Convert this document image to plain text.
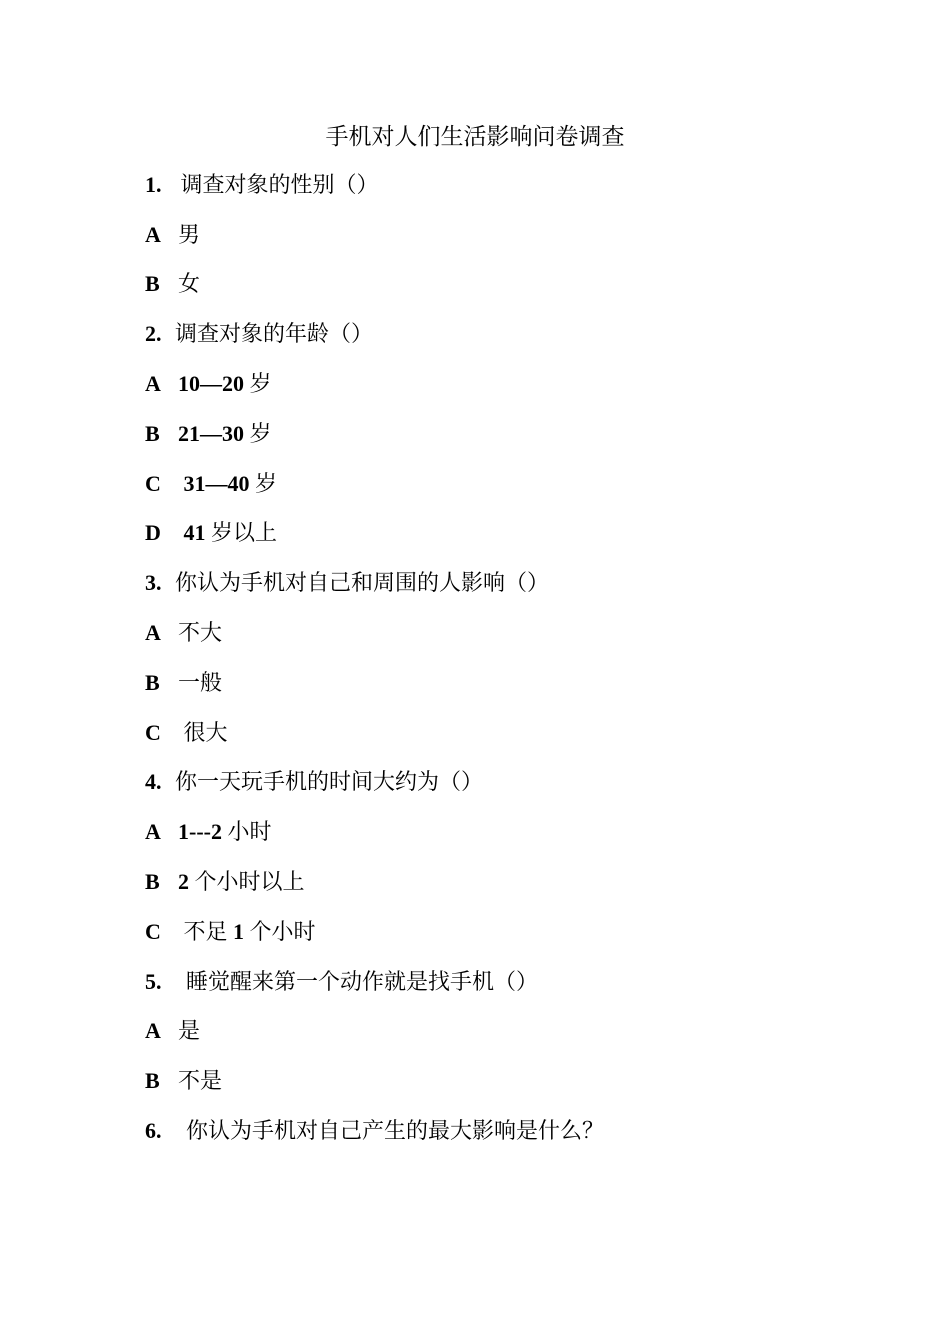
手机对人们生活影响问卷调查
1. 调查对象的性别（）
A 男
B 女
2. 调查对象的年龄（）
A 10—20 岁
B 21—30 岁
C	31—40 岁
D	41 岁以上
3. 你认为手机对自己和周围的人影响（）
A 不大
B 一般
C 很大
4. 你一天玩手机的时间大约为（）
A 1---2 小时
B 2 个小时以上
C 不足 1 个小时
5. 睡觉醒来第一个动作就是找手机（）
A 是
B 不是
6. 你认为手机对自己产生的最大影响是什么？
